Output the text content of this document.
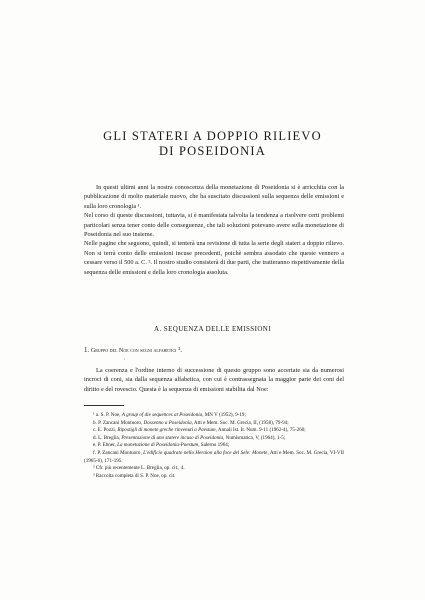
GLI STATERI A DOPPIO RILIEVO
DI POSEIDONIA

In questi ultimi anni la nostra conoscenza della monetazione di Poseidonia si è arricchita con la pubblicazione di molto materiale nuovo, che ha suscitato discussioni sulla sequenza delle emissioni e sulla loro cronologia ¹.

Nel corso di queste discussioni, tuttavia, si è manifestata talvolta la tendenza a risolvere certi problemi particolari senza tener conto delle conseguenze, che tali soluzioni potevano avere sulla monetazione di Poseidonia nel suo insieme.

Nelle pagine che seguono, quindi, si tenterà una revisione di tutta la serie degli stateri a doppio rilievo. Non si terrà conto delle emissioni incuse precedenti, poichè sembra assodato che queste vennero a cessare verso il 500 a. C. ². Il nostro studio consisterà di due parti, che tratteranno rispettivamente della sequenza delle emissioni e della loro cronologia assoluta.

A. SEQUENZA DELLE EMISSIONI
1. Gruppo del Noe con segni alfabetici ³.
'

La coerenza e l'ordine interno di successione di questo gruppo sono accertate sia da numerosi incroci di coni, sia dalla sequenza alfabetica, con cui è contrassegnata la maggior parte dei coni del diritto e del rovescio. Questa è la sequenza di emissioni stabilita dal Noe:

¹ a. S. P. Noe, A group of die sequences at Poseidonia, MN V (1952), 9-19;

b. P. Zancani Montuoro, Dossenno a Poseidonia, Atti e Mem. Soc. M. Grecia, II, (1958), 79-94;

c. E. Pozzi, Ripostigli di monete greche rinvenuti a Paestum, Annali Ist. It. Num. 9-11 (1962-4), 75-260;

d. L. Breglia, Presentazione di uno statere incuso di Poseidonia, Numismatica, V, (1964), 1-5;

e. P. Ebner, La monetazione di Poseidonia-Paestum, Salerno 1964;

f. P. Zancani Montuoro, L'edificio quadrato nello Heraion alla foce del Sele: Monete, Atti e Mem. Soc. M. Grecia, VI-VII (1965-6), 171-195.

² Cfr. più recentemente L. Breglia, op. cit., 4.

³ Raccolta completa di S. P. Noe, op. cit.
